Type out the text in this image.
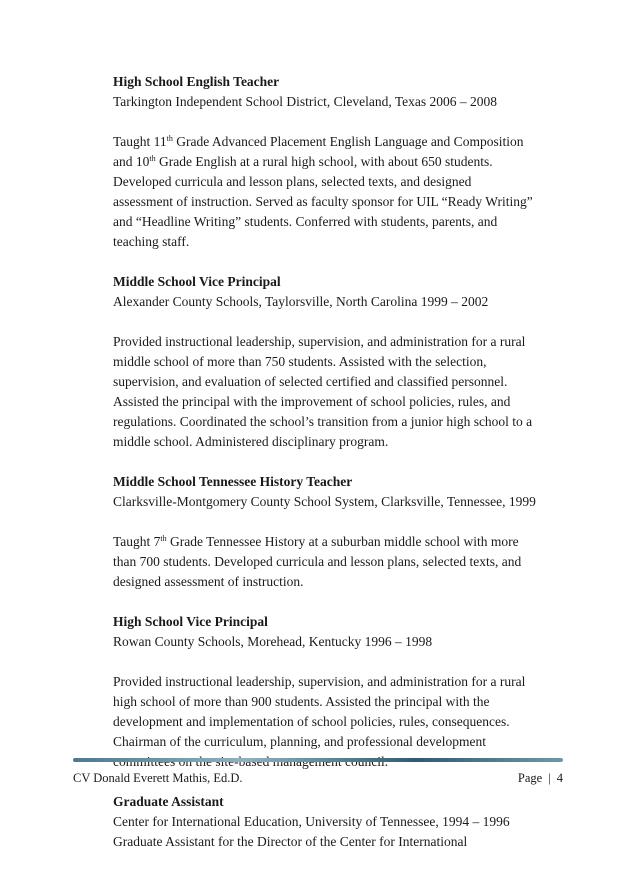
High School English Teacher
Tarkington Independent School District, Cleveland, Texas 2006 – 2008
Taught 11th Grade Advanced Placement English Language and Composition
and 10th Grade English at a rural high school, with about 650 students.
Developed curricula and lesson plans, selected texts, and designed
assessment of instruction. Served as faculty sponsor for UIL “Ready Writing”
and “Headline Writing” students. Conferred with students, parents, and
teaching staff.
Middle School Vice Principal
Alexander County Schools, Taylorsville, North Carolina 1999 – 2002
Provided instructional leadership, supervision, and administration for a rural
middle school of more than 750 students. Assisted with the selection,
supervision, and evaluation of selected certified and classified personnel.
Assisted the principal with the improvement of school policies, rules, and
regulations. Coordinated the school’s transition from a junior high school to a
middle school. Administered disciplinary program.
Middle School Tennessee History Teacher
Clarksville-Montgomery County School System, Clarksville, Tennessee, 1999
Taught 7th Grade Tennessee History at a suburban middle school with more
than 700 students. Developed curricula and lesson plans, selected texts, and
designed assessment of instruction.
High School Vice Principal
Rowan County Schools, Morehead, Kentucky 1996 – 1998
Provided instructional leadership, supervision, and administration for a rural
high school of more than 900 students. Assisted the principal with the
development and implementation of school policies, rules, consequences.
Chairman of the curriculum, planning, and professional development
Graduate Assistant
Center for International Education, University of Tennessee, 1994 – 1996
Graduate Assistant for the Director of the Center for International
CV Donald Everett Mathis, Ed.D.	Page | 4
